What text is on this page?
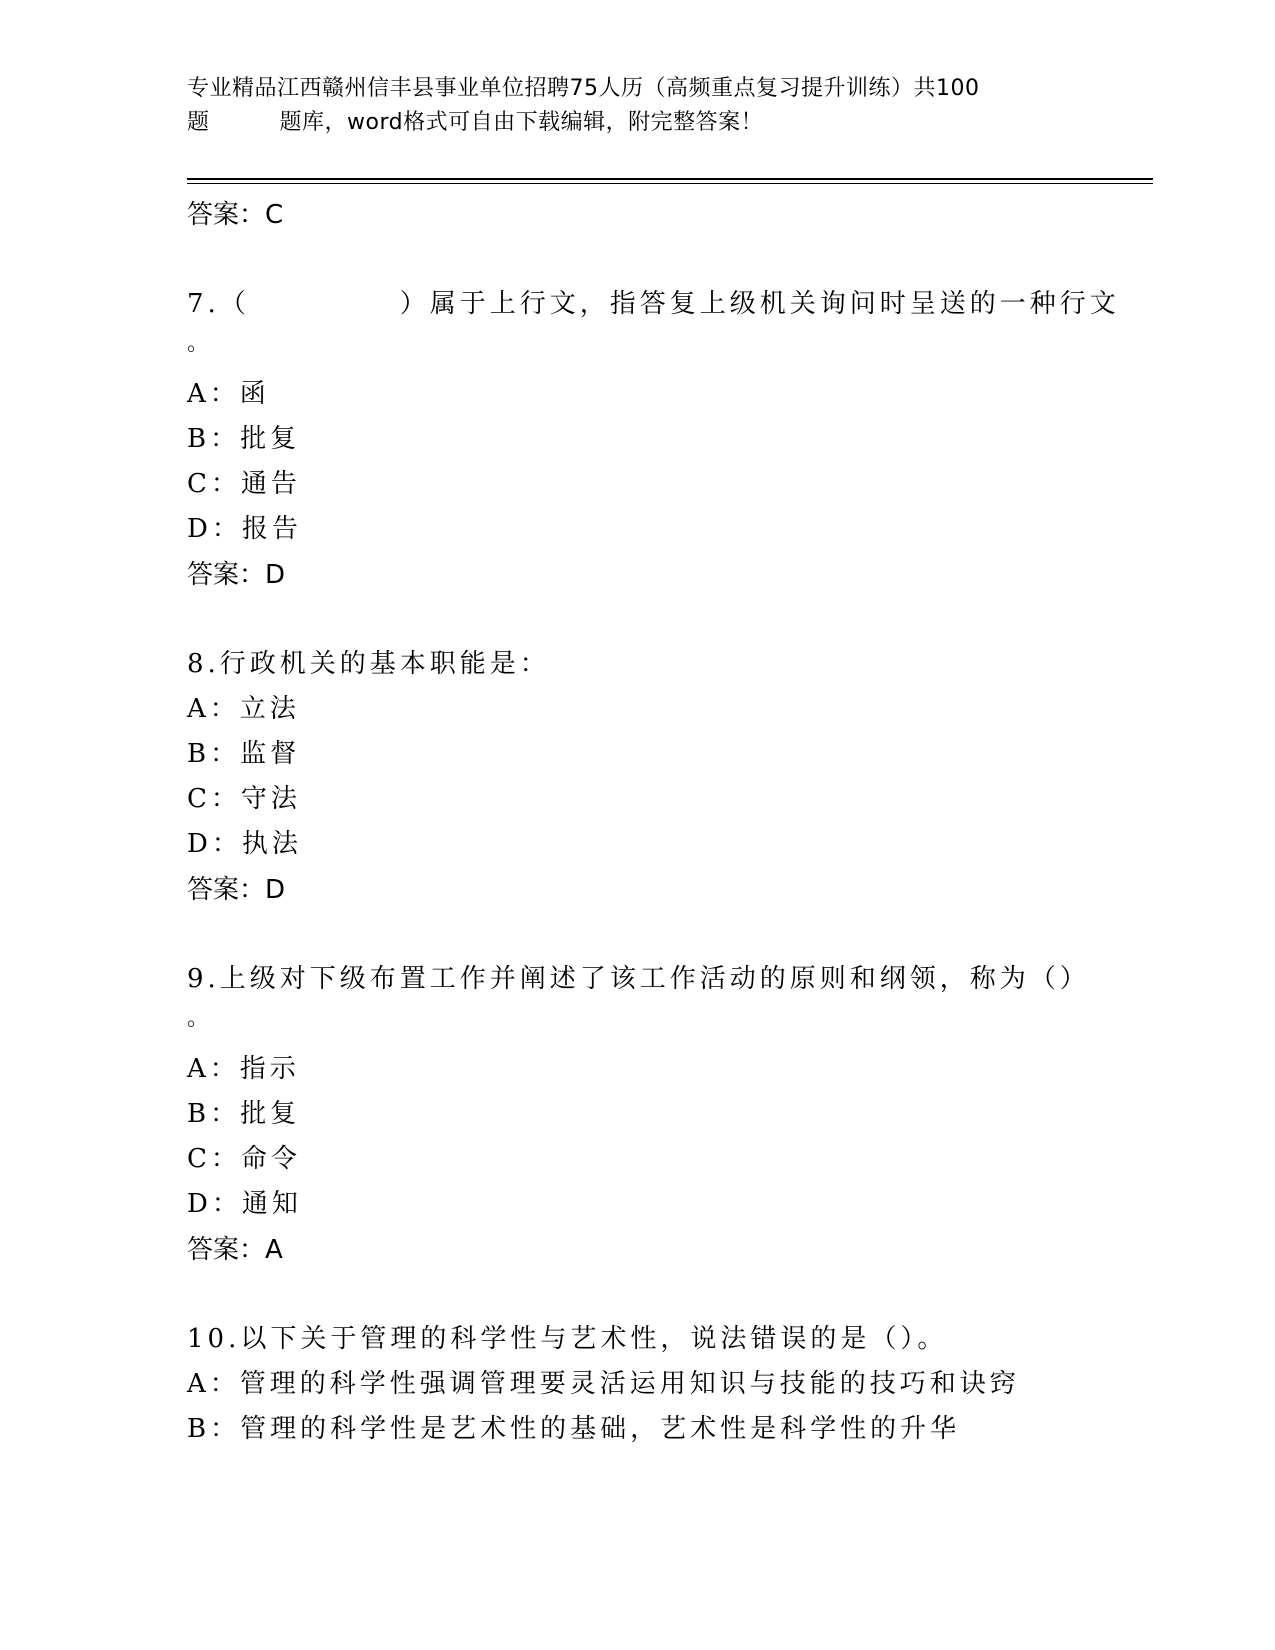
专业精品江西赣州信丰县事业单位招聘75人历（高频重点复习提升训练）共100
题	题库，word格式可自由下载编辑，附完整答案！
答案：C
7.（　　　　　）属于上行文，指答复上级机关询问时呈送的一种行文
。
A：函
B：批复
C：通告
D：报告
答案：D
8.行政机关的基本职能是：
A：立法
B：监督
C：守法
D：执法
答案：D
9.上级对下级布置工作并阐述了该工作活动的原则和纲领，称为（）
。
A：指示
B：批复
C：命令
D：通知
答案：A
10.以下关于管理的科学性与艺术性，说法错误的是（）。
A：管理的科学性强调管理要灵活运用知识与技能的技巧和诀窍
B：管理的科学性是艺术性的基础，艺术性是科学性的升华
